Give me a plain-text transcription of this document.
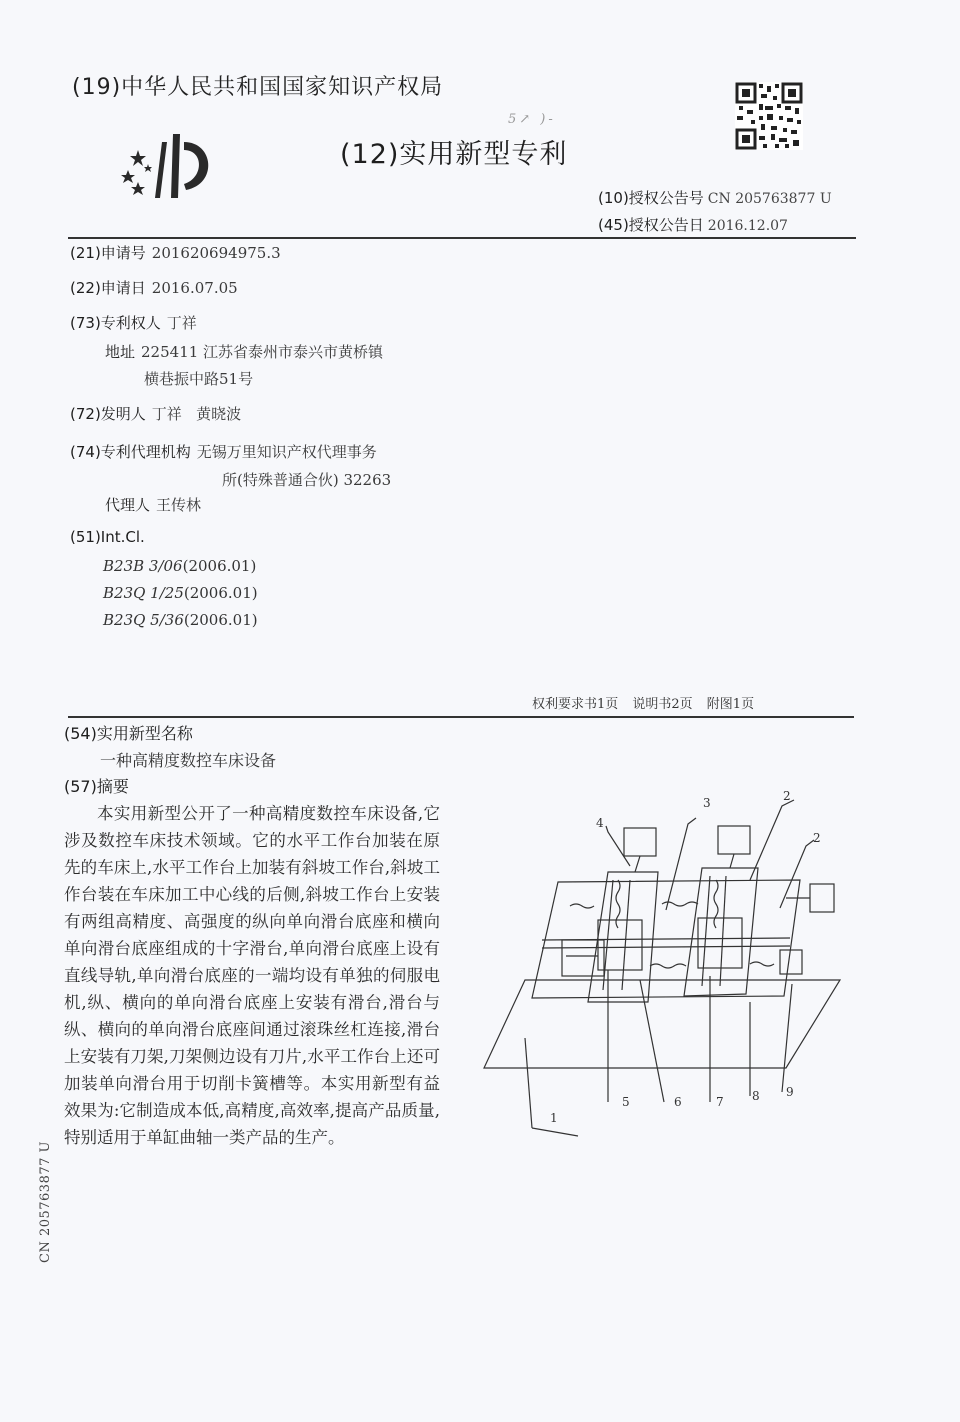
(19)中华人民共和国国家知识产权局
(12)实用新型专利
5↗ )-
(10)授权公告号 CN 205763877 U
(45)授权公告日 2016.12.07
(21)申请号 201620694975.3
(22)申请日 2016.07.05
(73)专利权人 丁祥
地址 225411 江苏省泰州市泰兴市黄桥镇
横巷振中路51号
(72)发明人 丁祥   黄晓波
(74)专利代理机构 无锡万里知识产权代理事务
所(特殊普通合伙) 32263
代理人 王传林
(51)Int.Cl.
B23B 3/06(2006.01)
B23Q 1/25(2006.01)
B23Q 5/36(2006.01)
权利要求书1页 说明书2页 附图1页
(54)实用新型名称
一种高精度数控车床设备
(57)摘要

本实用新型公开了一种高精度数控车床设备,它涉及数控车床技术领域。它的水平工作台加装在原先的车床上,水平工作台上加装有斜坡工作台,斜坡工作台装在车床加工中心线的后侧,斜坡工作台上安装有两组高精度、高强度的纵向单向滑台底座和横向单向滑台底座组成的十字滑台,单向滑台底座上设有直线导轨,单向滑台底座的一端均设有单独的伺服电机,纵、横向的单向滑台底座上安装有滑台,滑台与纵、横向的单向滑台底座间通过滚珠丝杠连接,滑台上安装有刀架,刀架侧边设有刀片,水平工作台上还可加装单向滑台用于切削卡簧槽等。本实用新型有益效果为:它制造成本低,高精度,高效率,提高产品质量,特别适用于单缸曲轴一类产品的生产。

CN 205763877 U
1
2
2
3
4
5	6	7 8 9
